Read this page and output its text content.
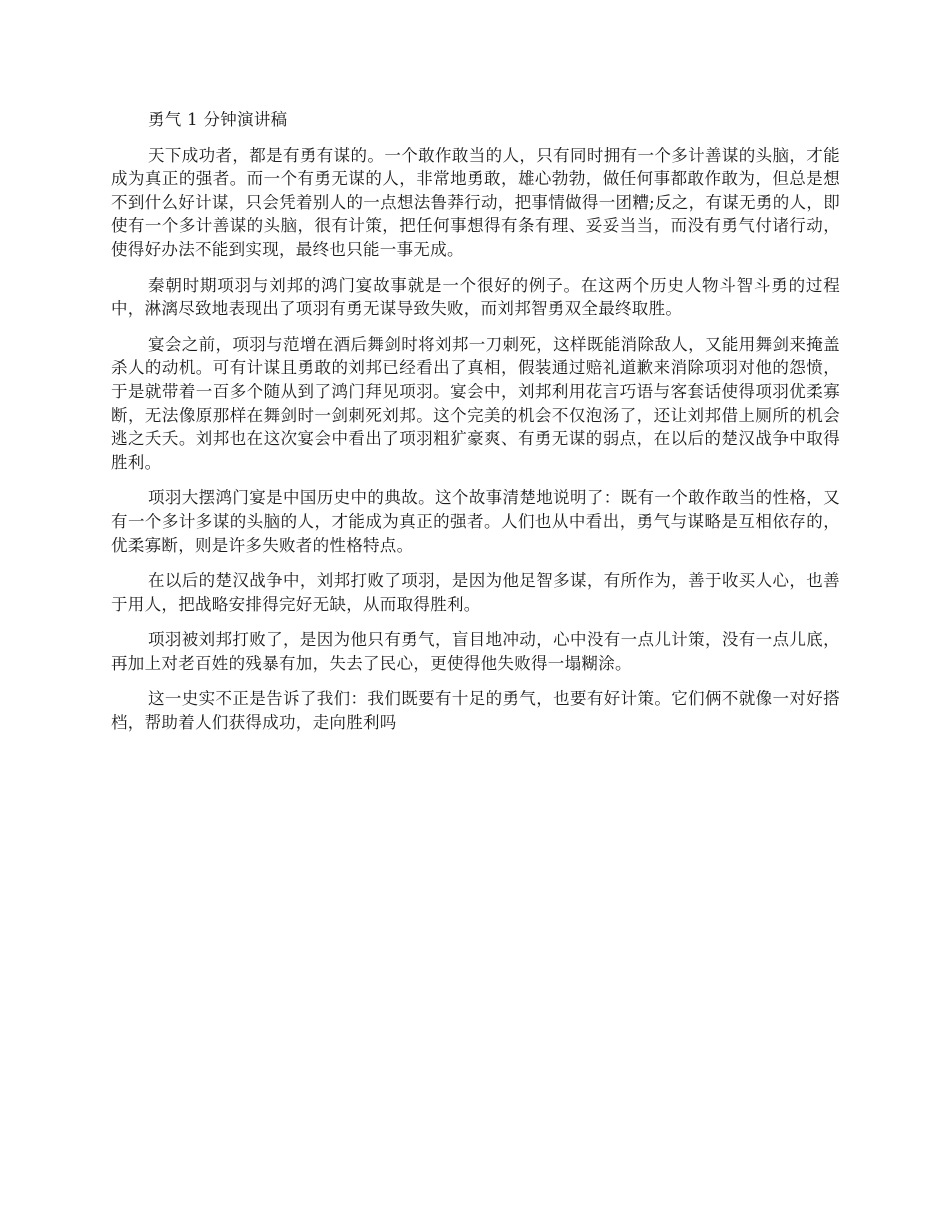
勇气 1 分钟演讲稿

天下成功者，都是有勇有谋的。一个敢作敢当的人，只有同时拥有一个多计善谋的头脑，才能成为真正的强者。而一个有勇无谋的人，非常地勇敢，雄心勃勃，做任何事都敢作敢为，但总是想不到什么好计谋，只会凭着别人的一点想法鲁莽行动，把事情做得一团糟;反之，有谋无勇的人，即使有一个多计善谋的头脑，很有计策，把任何事想得有条有理、妥妥当当，而没有勇气付诸行动，使得好办法不能到实现，最终也只能一事无成。

秦朝时期项羽与刘邦的鸿门宴故事就是一个很好的例子。在这两个历史人物斗智斗勇的过程中，淋漓尽致地表现出了项羽有勇无谋导致失败，而刘邦智勇双全最终取胜。

宴会之前，项羽与范增在酒后舞剑时将刘邦一刀刺死，这样既能消除敌人，又能用舞剑来掩盖杀人的动机。可有计谋且勇敢的刘邦已经看出了真相，假装通过赔礼道歉来消除项羽对他的怨愤，于是就带着一百多个随从到了鸿门拜见项羽。宴会中，刘邦利用花言巧语与客套话使得项羽优柔寡断，无法像原那样在舞剑时一剑刺死刘邦。这个完美的机会不仅泡汤了，还让刘邦借上厕所的机会逃之夭夭。刘邦也在这次宴会中看出了项羽粗犷豪爽、有勇无谋的弱点，在以后的楚汉战争中取得胜利。

项羽大摆鸿门宴是中国历史中的典故。这个故事清楚地说明了：既有一个敢作敢当的性格，又有一个多计多谋的头脑的人，才能成为真正的强者。人们也从中看出，勇气与谋略是互相依存的，优柔寡断，则是许多失败者的性格特点。

在以后的楚汉战争中，刘邦打败了项羽，是因为他足智多谋，有所作为，善于收买人心，也善于用人，把战略安排得完好无缺，从而取得胜利。

项羽被刘邦打败了，是因为他只有勇气，盲目地冲动，心中没有一点儿计策，没有一点儿底，再加上对老百姓的残暴有加，失去了民心，更使得他失败得一塌糊涂。

这一史实不正是告诉了我们：我们既要有十足的勇气，也要有好计策。它们俩不就像一对好搭档，帮助着人们获得成功，走向胜利吗
